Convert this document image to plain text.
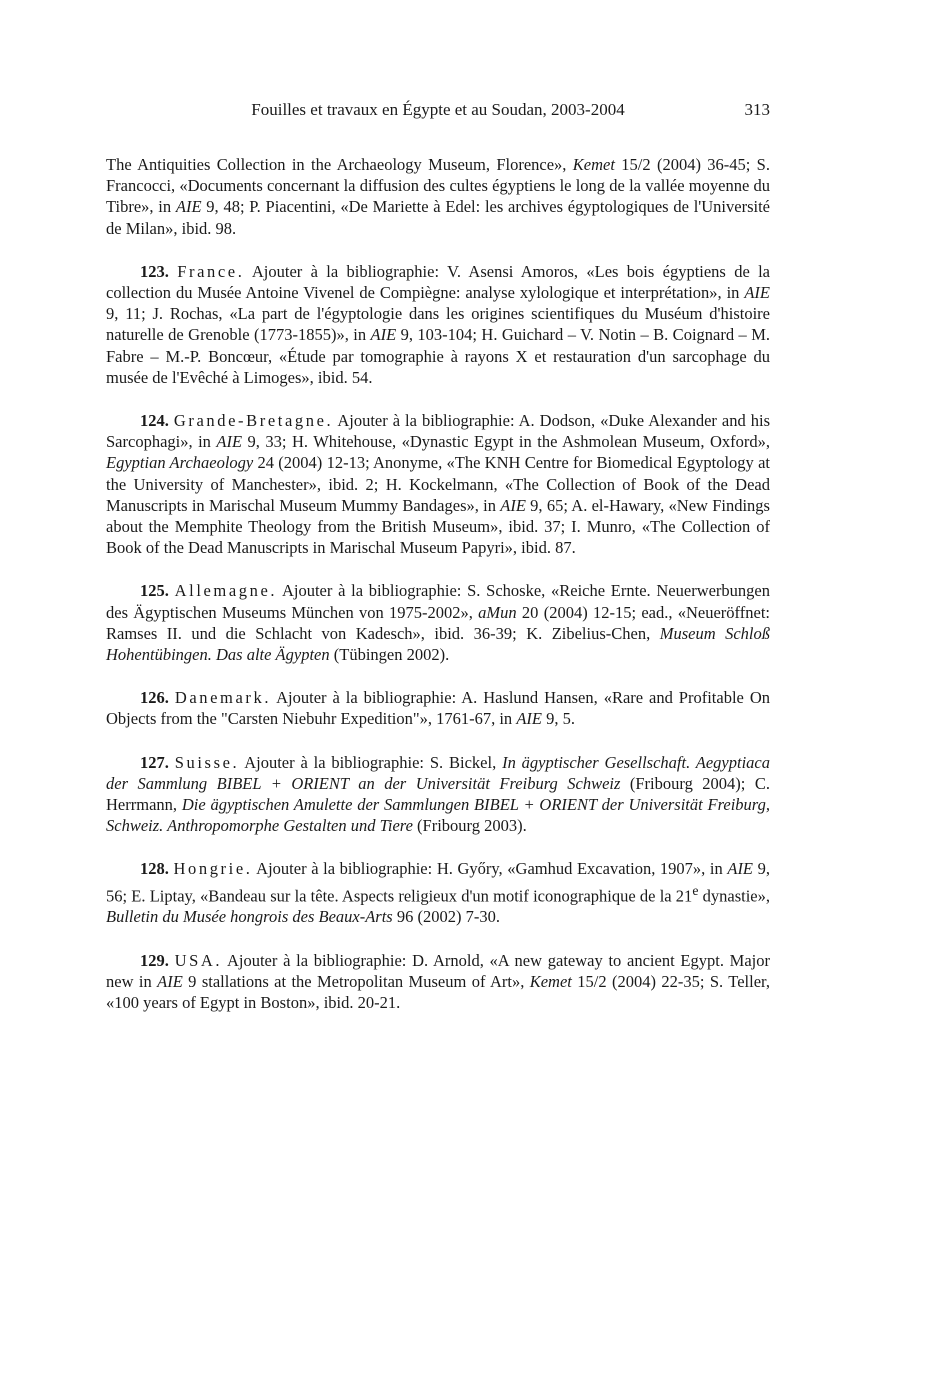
Fouilles et travaux en Égypte et au Soudan, 2003-2004	313

The Antiquities Collection in the Archaeology Museum, Florence», Kemet 15/2 (2004) 36-45; S. Francocci, «Documents concernant la diffusion des cultes égyptiens le long de la vallée moyenne du Tibre», in AIE 9, 48; P. Piacentini, «De Mariette à Edel: les archives égyptologiques de l'Université de Milan», ibid. 98.

123. France. Ajouter à la bibliographie: V. Asensi Amoros, «Les bois égyptiens de la collection du Musée Antoine Vivenel de Compiègne: analyse xylologique et interprétation», in AIE 9, 11; J. Rochas, «La part de l'égyptologie dans les origines scientifiques du Muséum d'histoire naturelle de Grenoble (1773-1855)», in AIE 9, 103-104; H. Guichard – V. Notin – B. Coignard – M. Fabre – M.-P. Boncœur, «Étude par tomographie à rayons X et restauration d'un sarcophage du musée de l'Evêché à Limoges», ibid. 54.

124. Grande-Bretagne. Ajouter à la bibliographie: A. Dodson, «Duke Alexander and his Sarcophagi», in AIE 9, 33; H. Whitehouse, «Dynastic Egypt in the Ashmolean Museum, Oxford», Egyptian Archaeology 24 (2004) 12-13; Anonyme, «The KNH Centre for Biomedical Egyptology at the University of Manchester», ibid. 2; H. Kockelmann, «The Collection of Book of the Dead Manuscripts in Marischal Museum Mummy Bandages», in AIE 9, 65; A. el-Hawary, «New Findings about the Memphite Theology from the British Museum», ibid. 37; I. Munro, «The Collection of Book of the Dead Manuscripts in Marischal Museum Papyri», ibid. 87.

125. Allemagne. Ajouter à la bibliographie: S. Schoske, «Reiche Ernte. Neuerwerbungen des Ägyptischen Museums München von 1975-2002», aMun 20 (2004) 12-15; ead., «Neueröffnet: Ramses II. und die Schlacht von Kadesch», ibid. 36-39; K. Zibelius-Chen, Museum Schloß Hohentübingen. Das alte Ägypten (Tübingen 2002).

126. Danemark. Ajouter à la bibliographie: A. Haslund Hansen, «Rare and Profitable On Objects from the "Carsten Niebuhr Expedition"», 1761-67, in AIE 9, 5.

127. Suisse. Ajouter à la bibliographie: S. Bickel, In ägyptischer Gesellschaft. Aegyptiaca der Sammlung BIBEL + ORIENT an der Universität Freiburg Schweiz (Fribourg 2004); C. Herrmann, Die ägyptischen Amulette der Sammlungen BIBEL + ORIENT der Universität Freiburg, Schweiz. Anthropomorphe Gestalten und Tiere (Fribourg 2003).

128. Hongrie. Ajouter à la bibliographie: H. Győry, «Gamhud Excavation, 1907», in AIE 9, 56; E. Liptay, «Bandeau sur la tête. Aspects religieux d'un motif iconographique de la 21e dynastie», Bulletin du Musée hongrois des Beaux-Arts 96 (2002) 7-30.

129. USA. Ajouter à la bibliographie: D. Arnold, «A new gateway to ancient Egypt. Major new in AIE 9 stallations at the Metropolitan Museum of Art», Kemet 15/2 (2004) 22-35; S. Teller, «100 years of Egypt in Boston», ibid. 20-21.
